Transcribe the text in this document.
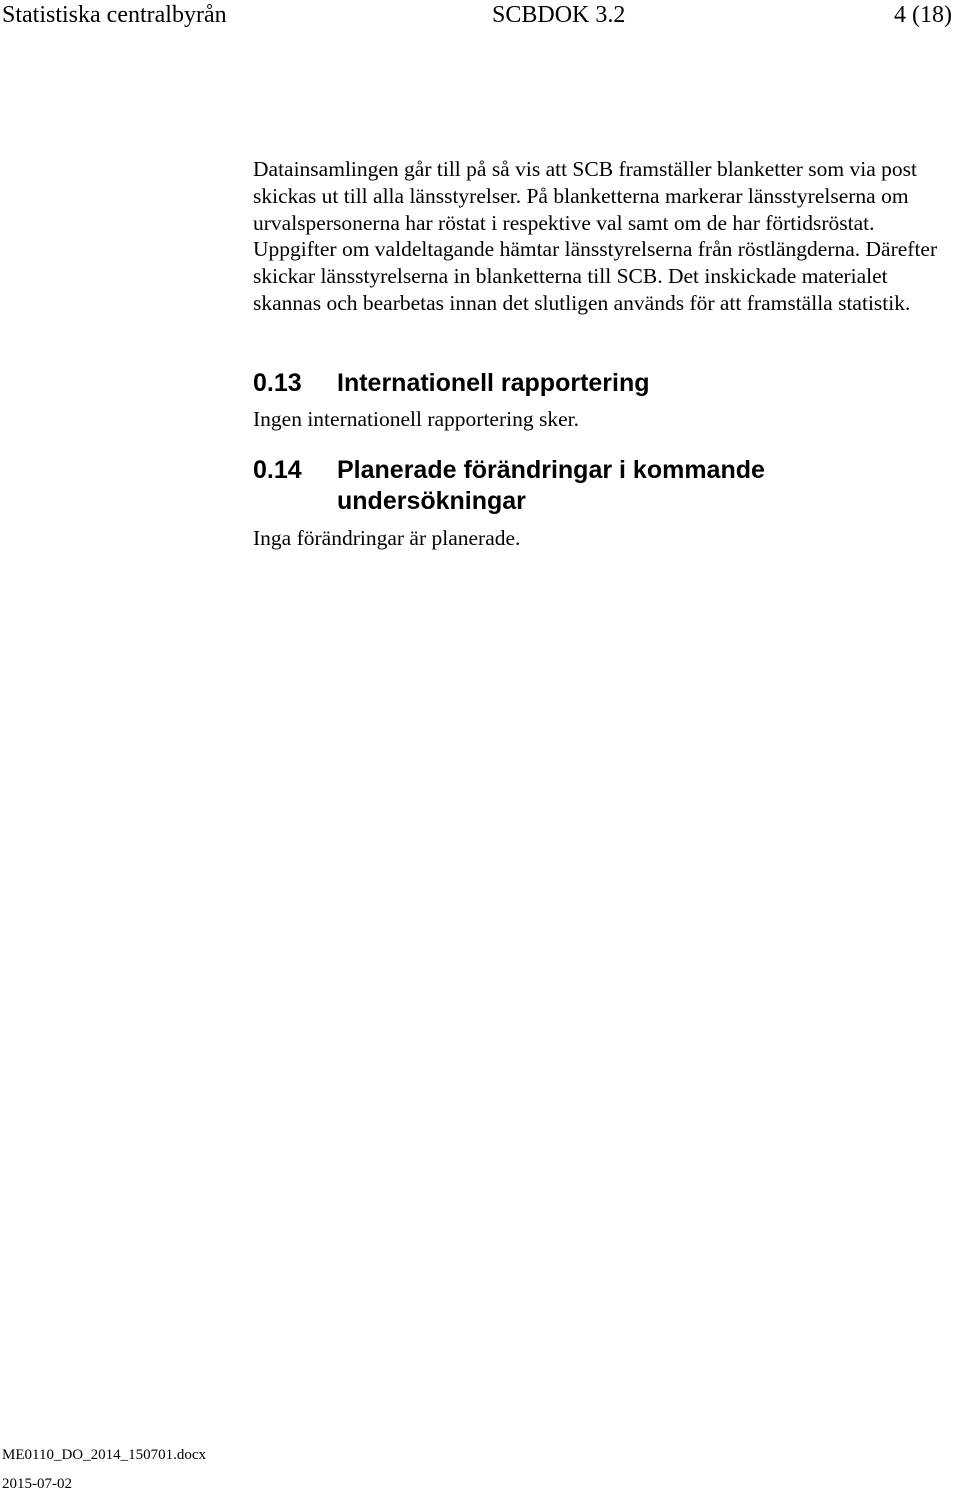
Statistiska centralbyrån	SCBDOK 3.2	4 (18)

Datainsamlingen går till på så vis att SCB framställer blanketter som via post skickas ut till alla länsstyrelser. På blanketterna markerar länsstyrelserna om urvalspersonerna har röstat i respektive val samt om de har förtidsröstat. Uppgifter om valdeltagande hämtar länsstyrelserna från röstlängderna. Därefter skickar länsstyrelserna in blanketterna till SCB. Det inskickade materialet skannas och bearbetas innan det slutligen används för att framställa statistik.

0.13 Internationell rapportering

Ingen internationell rapportering sker.

0.14 Planerade förändringar i kommande undersökningar

Inga förändringar är planerade.

ME0110_DO_2014_150701.docx
2015-07-02
